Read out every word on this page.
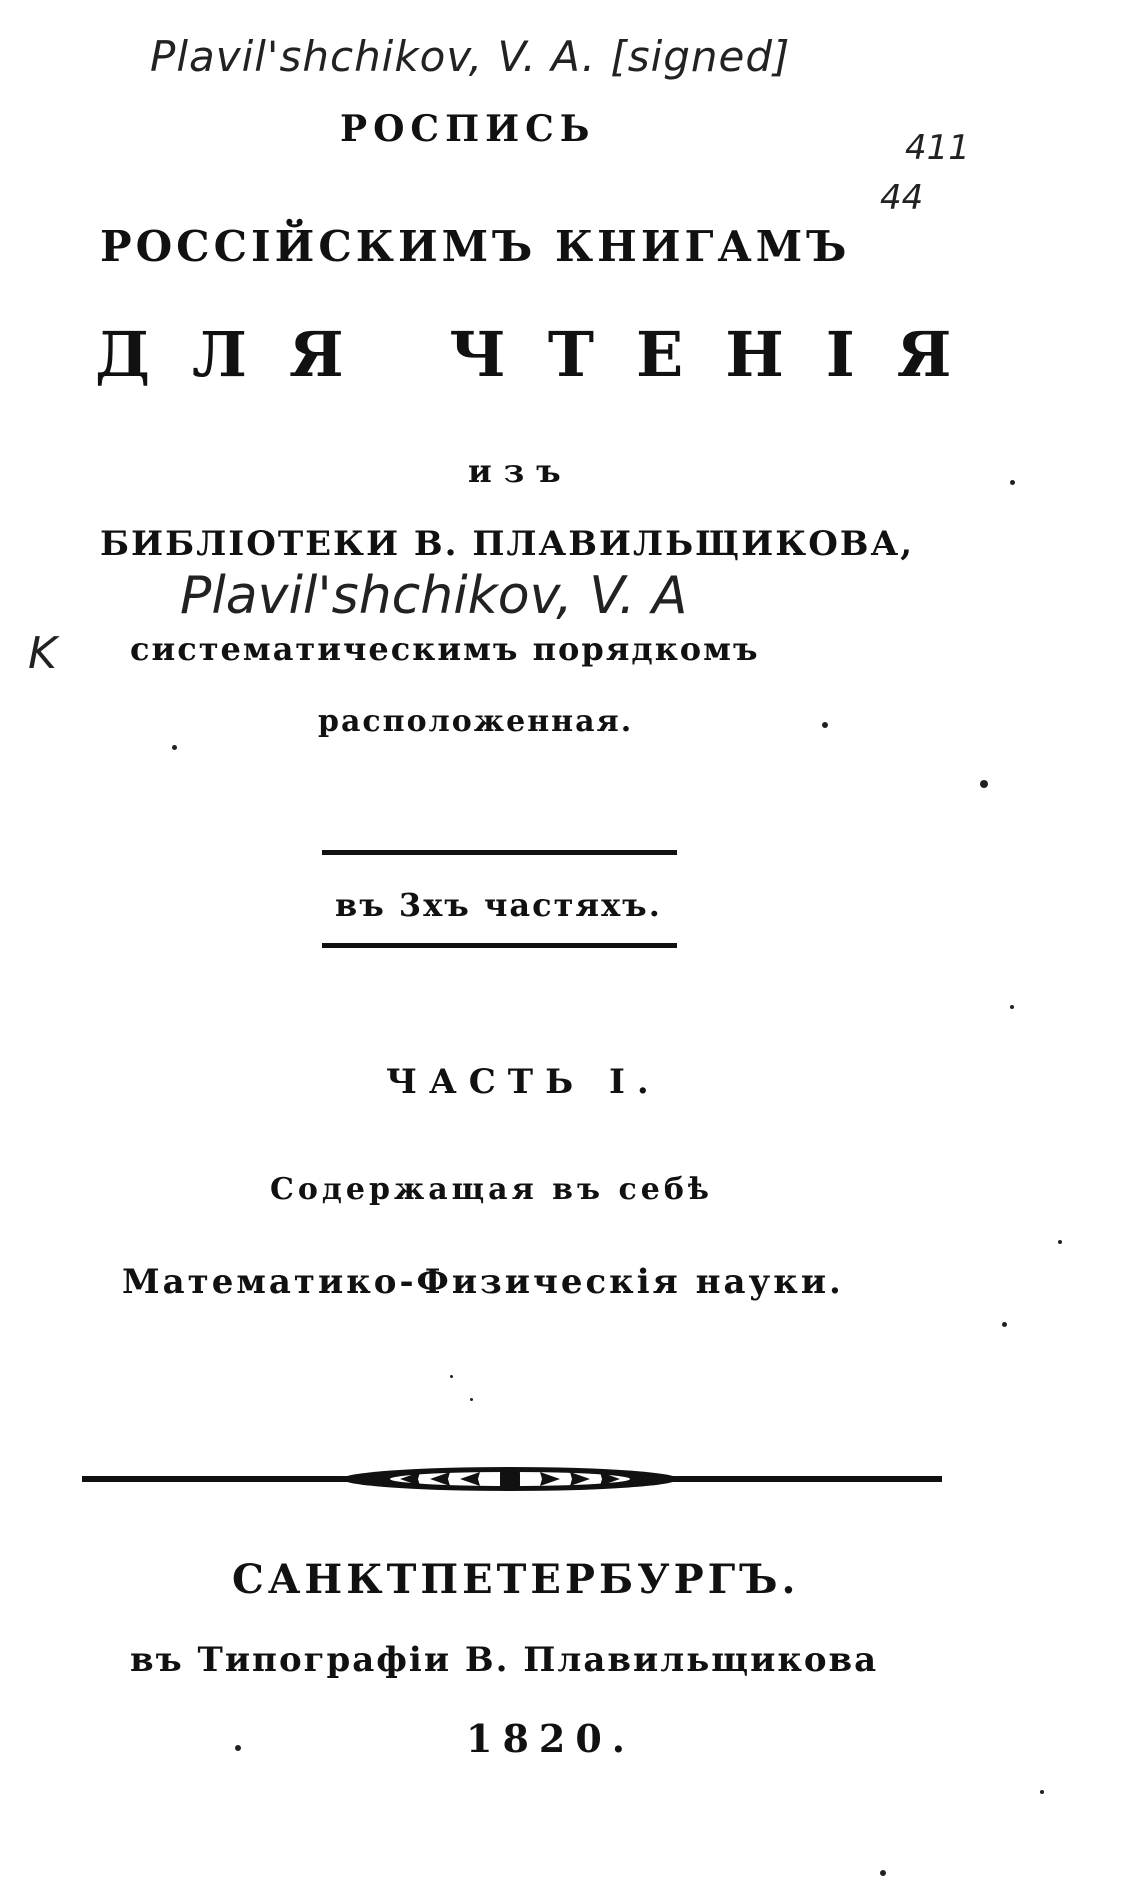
Plavil'shchikov, V. A. [signed]
411
44
РОСПИСЬ
РОССІЙСКИМЪ КНИГАМЪ
ДЛЯ ЧТЕНІЯ
изъ
БИБЛІОТЕКИ В. ПЛАВИЛЬЩИКОВА,
Plavil'shchikov, V. A
K систематическимъ порядкомъ
расположенная.
въ 3хъ частяхъ.
ЧАСТЬ I.
Содержащая въ себѣ
Математико-Физическія науки.
САНКТПЕТЕРБУРГЪ.
въ Типографіи В. Плавильщикова
1820.
